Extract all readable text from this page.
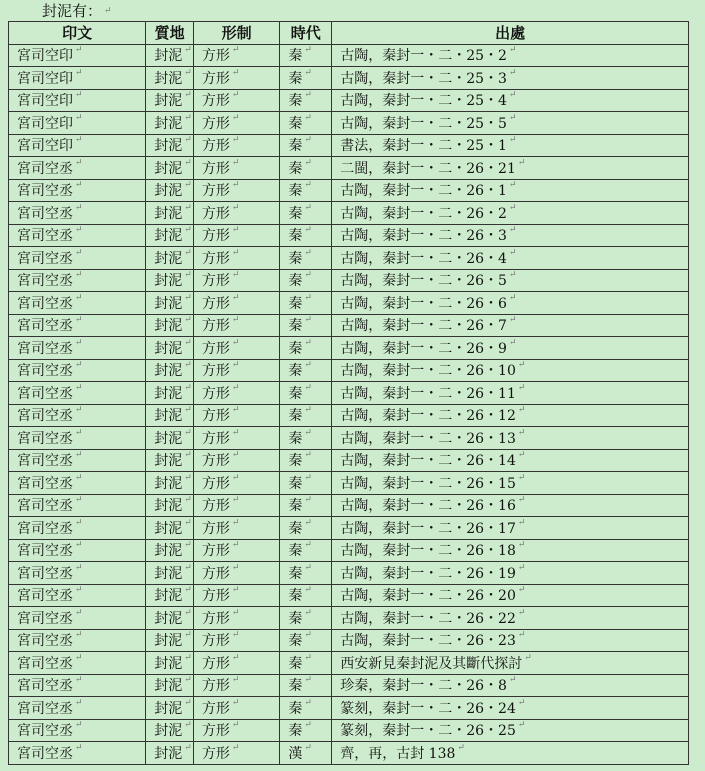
封泥有： ↵
印文	質地	形制	時代	出處
宮司空印 ↵	封泥 ↵	方形 ↵	秦 ↵	古陶，秦封一・二・25・2 ↵
宮司空印 ↵	封泥 ↵	方形 ↵	秦 ↵	古陶，秦封一・二・25・3 ↵
宮司空印 ↵	封泥 ↵	方形 ↵	秦 ↵	古陶，秦封一・二・25・4 ↵
宮司空印 ↵	封泥 ↵	方形 ↵	秦 ↵	古陶，秦封一・二・25・5 ↵
宮司空印 ↵	封泥 ↵	方形 ↵	秦 ↵	書法，秦封一・二・25・1 ↵
宮司空丞 ↵	封泥 ↵	方形 ↵	秦 ↵	二閩，秦封一・二・26・21 ↵
宮司空丞 ↵	封泥 ↵	方形 ↵	秦 ↵	古陶，秦封一・二・26・1 ↵
宮司空丞 ↵	封泥 ↵	方形 ↵	秦 ↵	古陶，秦封一・二・26・2 ↵
宮司空丞 ↵	封泥 ↵	方形 ↵	秦 ↵	古陶，秦封一・二・26・3 ↵
宮司空丞 ↵	封泥 ↵	方形 ↵	秦 ↵	古陶，秦封一・二・26・4 ↵
宮司空丞 ↵	封泥 ↵	方形 ↵	秦 ↵	古陶，秦封一・二・26・5 ↵
宮司空丞 ↵	封泥 ↵	方形 ↵	秦 ↵	古陶，秦封一・二・26・6 ↵
宮司空丞 ↵	封泥 ↵	方形 ↵	秦 ↵	古陶，秦封一・二・26・7 ↵
宮司空丞 ↵	封泥 ↵	方形 ↵	秦 ↵	古陶，秦封一・二・26・9 ↵
宮司空丞 ↵	封泥 ↵	方形 ↵	秦 ↵	古陶，秦封一・二・26・10 ↵
宮司空丞 ↵	封泥 ↵	方形 ↵	秦 ↵	古陶，秦封一・二・26・11 ↵
宮司空丞 ↵	封泥 ↵	方形 ↵	秦 ↵	古陶，秦封一・二・26・12 ↵
宮司空丞 ↵	封泥 ↵	方形 ↵	秦 ↵	古陶，秦封一・二・26・13 ↵
宮司空丞 ↵	封泥 ↵	方形 ↵	秦 ↵	古陶，秦封一・二・26・14 ↵
宮司空丞 ↵	封泥 ↵	方形 ↵	秦 ↵	古陶，秦封一・二・26・15 ↵
宮司空丞 ↵	封泥 ↵	方形 ↵	秦 ↵	古陶，秦封一・二・26・16 ↵
宮司空丞 ↵	封泥 ↵	方形 ↵	秦 ↵	古陶，秦封一・二・26・17 ↵
宮司空丞 ↵	封泥 ↵	方形 ↵	秦 ↵	古陶，秦封一・二・26・18 ↵
宮司空丞 ↵	封泥 ↵	方形 ↵	秦 ↵	古陶，秦封一・二・26・19 ↵
宮司空丞 ↵	封泥 ↵	方形 ↵	秦 ↵	古陶，秦封一・二・26・20 ↵
宮司空丞 ↵	封泥 ↵	方形 ↵	秦 ↵	古陶，秦封一・二・26・22 ↵
宮司空丞 ↵	封泥 ↵	方形 ↵	秦 ↵	古陶，秦封一・二・26・23 ↵
宮司空丞 ↵	封泥 ↵	方形 ↵	秦 ↵	西安新見秦封泥及其斷代探討 ↵
宮司空丞 ↵	封泥 ↵	方形 ↵	秦 ↵	珍秦，秦封一・二・26・8 ↵
宮司空丞 ↵	封泥 ↵	方形 ↵	秦 ↵	篆刻，秦封一・二・26・24 ↵
宮司空丞 ↵	封泥 ↵	方形 ↵	秦 ↵	篆刻，秦封一・二・26・25 ↵
宮司空丞 ↵	封泥 ↵	方形 ↵	漢 ↵	齊，再，古封 138 ↵
